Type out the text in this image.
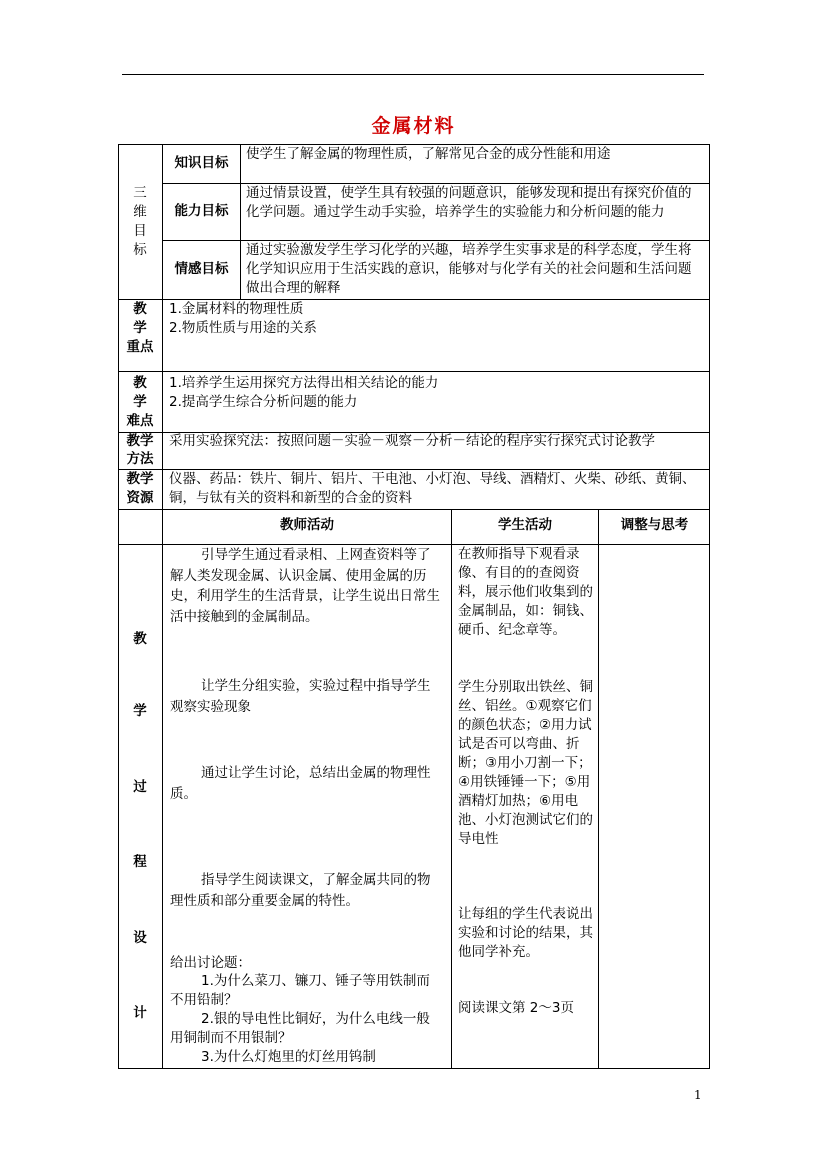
金属材料
三
维
目
标
知识目标
使学生了解金属的物理性质，了解常见合金的成分性能和用途
能力目标
通过情景设置，使学生具有较强的问题意识，能够发现和提出有探究价值的化学问题。通过学生动手实验，培养学生的实验能力和分析问题的能力
情感目标
通过实验激发学生学习化学的兴趣，培养学生实事求是的科学态度，学生将化学知识应用于生活实践的意识，能够对与化学有关的社会问题和生活问题做出合理的解释
教
学
重点
1.金属材料的物理性质
2.物质性质与用途的关系
教
学
难点
1.培养学生运用探究方法得出相关结论的能力
2.提高学生综合分析问题的能力
教学
方法
采用实验探究法：按照问题－实验－观察－分析－结论的程序实行探究式讨论教学
教学
资源
仪器、药品：铁片、铜片、铝片、干电池、小灯泡、导线、酒精灯、火柴、砂纸、黄铜、铜，与钛有关的资料和新型的合金的资料
教师活动	学生活动	调整与思考
教
学
过
程
设
计
引导学生通过看录相、上网查资料等了解人类发现金属、认识金属、使用金属的历史，利用学生的生活背景，让学生说出日常生活中接触到的金属制品。
让学生分组实验，实验过程中指导学生观察实验现象
通过让学生讨论，总结出金属的物理性质。
指导学生阅读课文，了解金属共同的物理性质和部分重要金属的特性。
给出讨论题：
1.为什么菜刀、镰刀、锤子等用铁制而不用铅制？
2.银的导电性比铜好，为什么电线一般用铜制而不用银制？
3.为什么灯炮里的灯丝用钨制
在教师指导下观看录像、有目的的查阅资料，展示他们收集到的金属制品，如：铜钱、硬币、纪念章等。
学生分别取出铁丝、铜丝、铝丝。①观察它们的颜色状态；②用力试试是否可以弯曲、折断；③用小刀割一下；④用铁锤锤一下；⑤用酒精灯加热；⑥用电池、小灯泡测试它们的导电性
让每组的学生代表说出实验和讨论的结果，其他同学补充。
阅读课文第 2～3页
1
